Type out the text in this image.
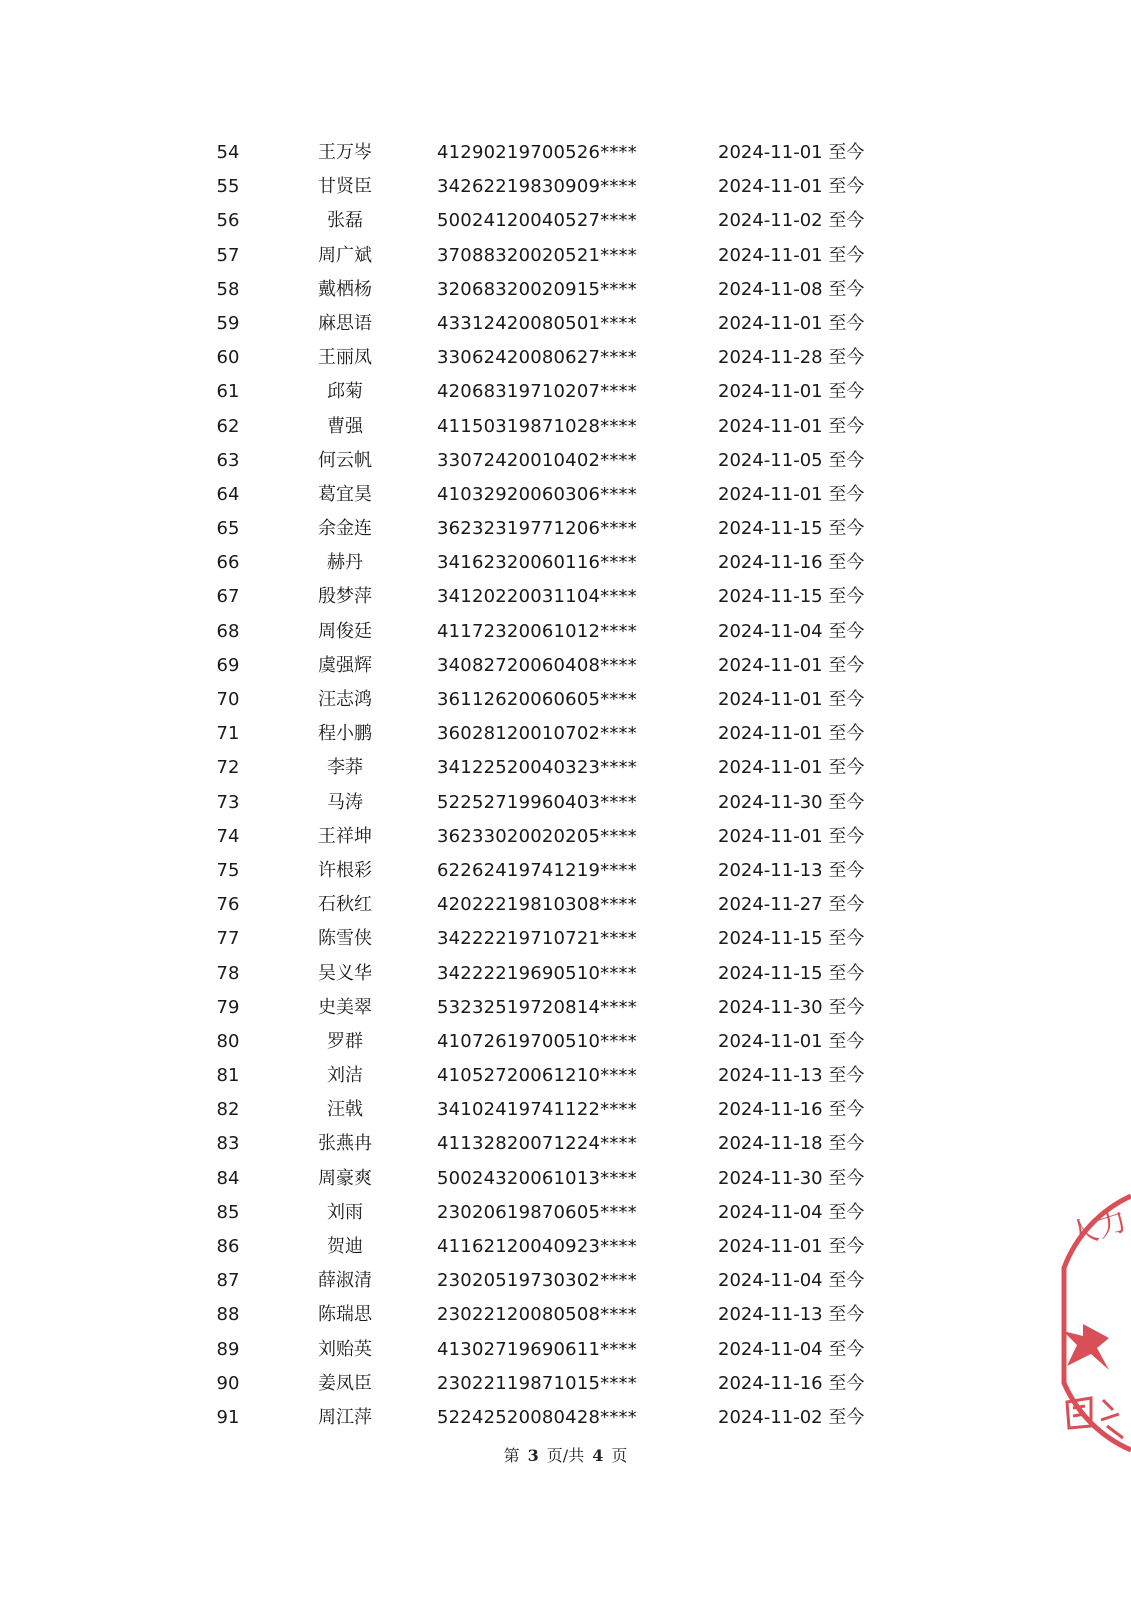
54	王万岑	41290219700526****	2024-11-01 至今
55	甘贤臣	34262219830909****	2024-11-01 至今
56	张磊	50024120040527****	2024-11-02 至今
57	周广斌	37088320020521****	2024-11-01 至今
58	戴栖杨	32068320020915****	2024-11-08 至今
59	麻思语	43312420080501****	2024-11-01 至今
60	王丽凤	33062420080627****	2024-11-28 至今
61	邱菊	42068319710207****	2024-11-01 至今
62	曹强	41150319871028****	2024-11-01 至今
63	何云帆	33072420010402****	2024-11-05 至今
64	葛宜昊	41032920060306****	2024-11-01 至今
65	余金连	36232319771206****	2024-11-15 至今
66	赫丹	34162320060116****	2024-11-16 至今
67	殷梦萍	34120220031104****	2024-11-15 至今
68	周俊廷	41172320061012****	2024-11-04 至今
69	虞强辉	34082720060408****	2024-11-01 至今
70	汪志鸿	36112620060605****	2024-11-01 至今
71	程小鹏	36028120010702****	2024-11-01 至今
72	李莽	34122520040323****	2024-11-01 至今
73	马涛	52252719960403****	2024-11-30 至今
74	王祥坤	36233020020205****	2024-11-01 至今
75	许根彩	62262419741219****	2024-11-13 至今
76	石秋红	42022219810308****	2024-11-27 至今
77	陈雪侠	34222219710721****	2024-11-15 至今
78	吴义华	34222219690510****	2024-11-15 至今
79	史美翠	53232519720814****	2024-11-30 至今
80	罗群	41072619700510****	2024-11-01 至今
81	刘洁	41052720061210****	2024-11-13 至今
82	汪戟	34102419741122****	2024-11-16 至今
83	张燕冉	41132820071224****	2024-11-18 至今
84	周豪爽	50024320061013****	2024-11-30 至今
85	刘雨	23020619870605****	2024-11-04 至今
86	贺迪	41162120040923****	2024-11-01 至今
87	薛淑清	23020519730302****	2024-11-04 至今
88	陈瑞思	23022120080508****	2024-11-13 至今
89	刘贻英	41302719690611****	2024-11-04 至今
90	姜凤臣	23022119871015****	2024-11-16 至今
91	周江萍	52242520080428****	2024-11-02 至今
第 3 页/共 4 页
人力
